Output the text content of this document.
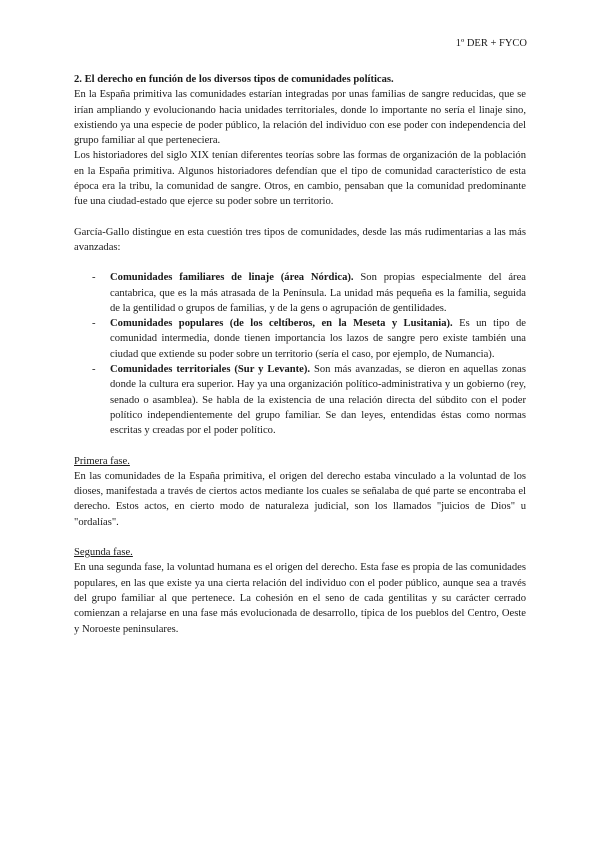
1º DER + FYCO

2. El derecho en función de los diversos tipos de comunidades políticas.

En la España primitiva las comunidades estarían integradas por unas familias de sangre reducidas, que se irían ampliando y evolucionando hacia unidades territoriales, donde lo importante no sería el linaje sino, existiendo ya una especie de poder público, la relación del individuo con ese poder con independencia del grupo familiar al que perteneciera.

Los historiadores del siglo XIX tenían diferentes teorías sobre las formas de organización de la población en la España primitiva. Algunos historiadores defendían que el tipo de comunidad característico de esta época era la tribu, la comunidad de sangre. Otros, en cambio, pensaban que la comunidad predominante fue una ciudad-estado que ejerce su poder sobre un territorio.

García-Gallo distingue en esta cuestión tres tipos de comunidades, desde las más rudimentarias a las más avanzadas:

- Comunidades familiares de linaje (área Nórdica). Son propias especialmente del área cantabrica, que es la más atrasada de la Península. La unidad más pequeña es la familia, seguida de la gentilidad o grupos de familias, y de la gens o agrupación de gentilidades.
- Comunidades populares (de los celtíberos, en la Meseta y Lusitania). Es un tipo de comunidad intermedia, donde tienen importancia los lazos de sangre pero existe también una ciudad que extiende su poder sobre un territorio (sería el caso, por ejemplo, de Numancia).
- Comunidades territoriales (Sur y Levante). Son más avanzadas, se dieron en aquellas zonas donde la cultura era superior. Hay ya una organización político-administrativa y un gobierno (rey, senado o asamblea). Se habla de la existencia de una relación directa del súbdito con el poder político independientemente del grupo familiar. Se dan leyes, entendidas éstas como normas escritas y creadas por el poder político.

Primera fase.

En las comunidades de la España primitiva, el origen del derecho estaba vinculado a la voluntad de los dioses, manifestada a través de ciertos actos mediante los cuales se señalaba de qué parte se encontraba el derecho. Estos actos, en cierto modo de naturaleza judicial, son los llamados "juicios de Dios" u "ordalías".

Segunda fase.

En una segunda fase, la voluntad humana es el origen del derecho. Esta fase es propia de las comunidades populares, en las que existe ya una cierta relación del individuo con el poder público, aunque sea a través del grupo familiar al que pertenece. La cohesión en el seno de cada gentilitas y su carácter cerrado comienzan a relajarse en una fase más evolucionada de desarrollo, típica de los pueblos del Centro, Oeste y Noroeste peninsulares.
